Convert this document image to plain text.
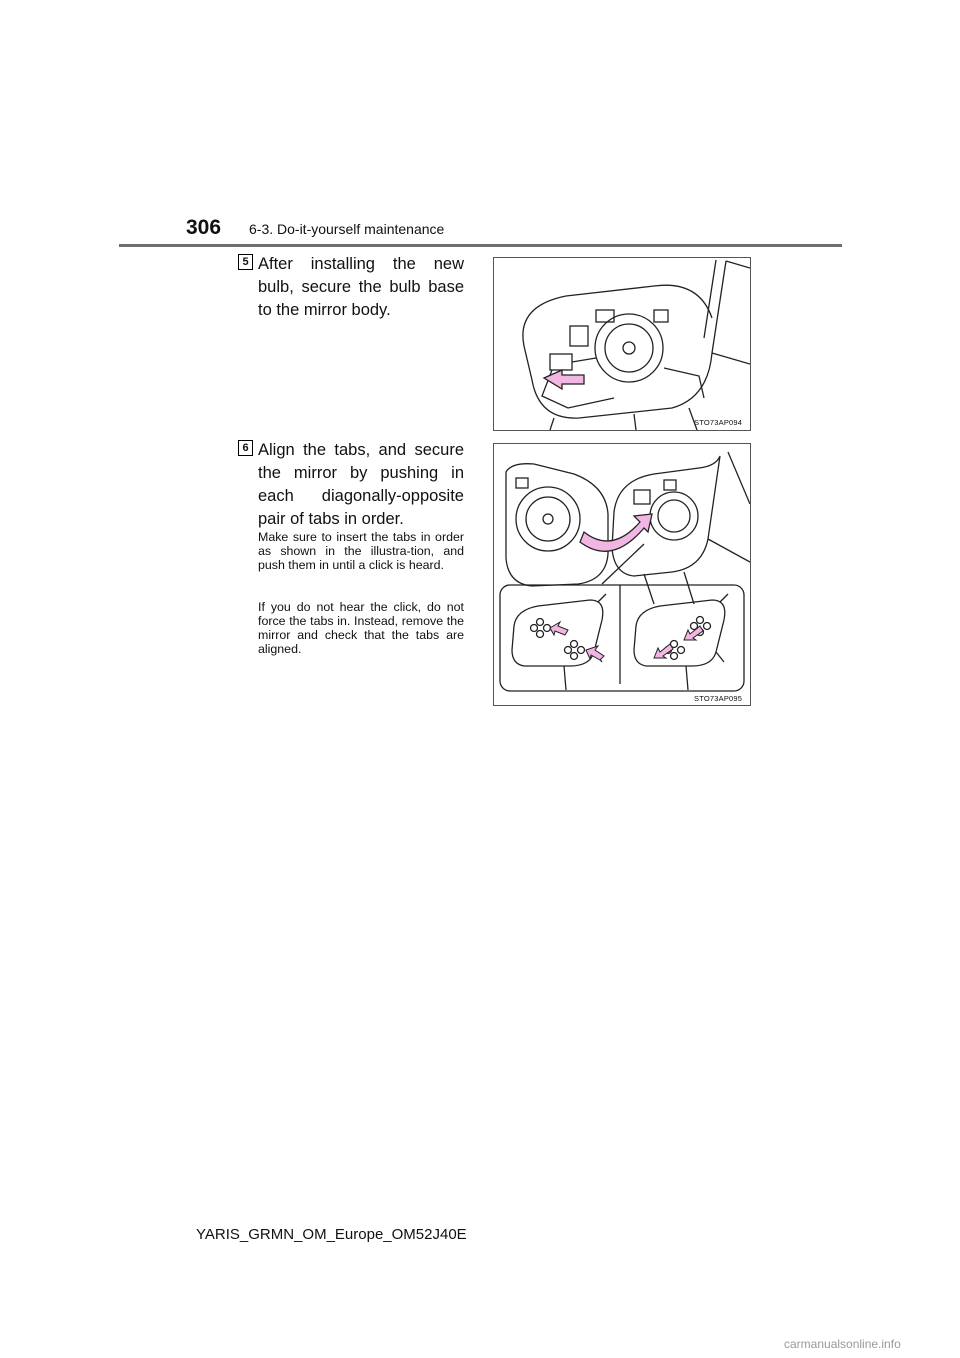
306 6-3. Do-it-yourself maintenance
5 After installing the new bulb, secure the bulb base to the mirror body.
STO73AP094
6 Align the tabs, and secure the mirror by pushing in each diagonally-opposite pair of tabs in order.
Make sure to insert the tabs in order as shown in the illustra-tion, and push them in until a click is heard.
If you do not hear the click, do not force the tabs in. Instead, remove the mirror and check that the tabs are aligned.
STO73AP095
YARIS_GRMN_OM_Europe_OM52J40E
carmanualsonline.info
